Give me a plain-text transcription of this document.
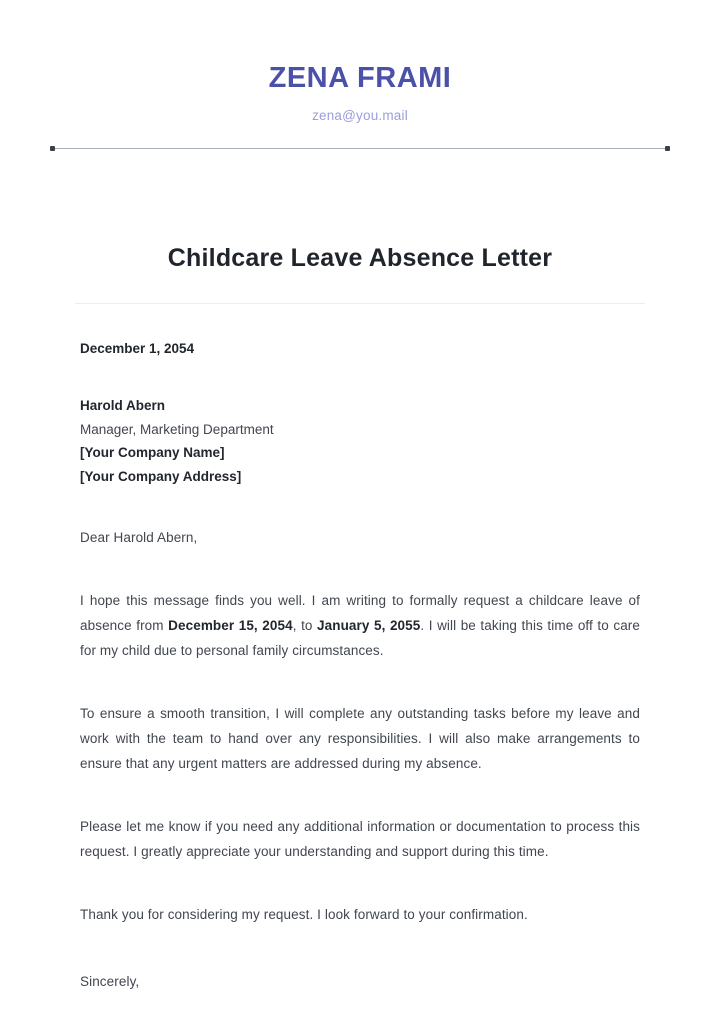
ZENA FRAMI
zena@you.mail
Childcare Leave Absence Letter

December 1, 2054

Harold Abern

Manager, Marketing Department

[Your Company Name]

[Your Company Address]

Dear Harold Abern,

I hope this message finds you well. I am writing to formally request a childcare leave of absence from December 15, 2054, to January 5, 2055. I will be taking this time off to care for my child due to personal family circumstances.

To ensure a smooth transition, I will complete any outstanding tasks before my leave and work with the team to hand over any responsibilities. I will also make arrangements to ensure that any urgent matters are addressed during my absence.

Please let me know if you need any additional information or documentation to process this request. I greatly appreciate your understanding and support during this time.

Thank you for considering my request. I look forward to your confirmation.

Sincerely,
